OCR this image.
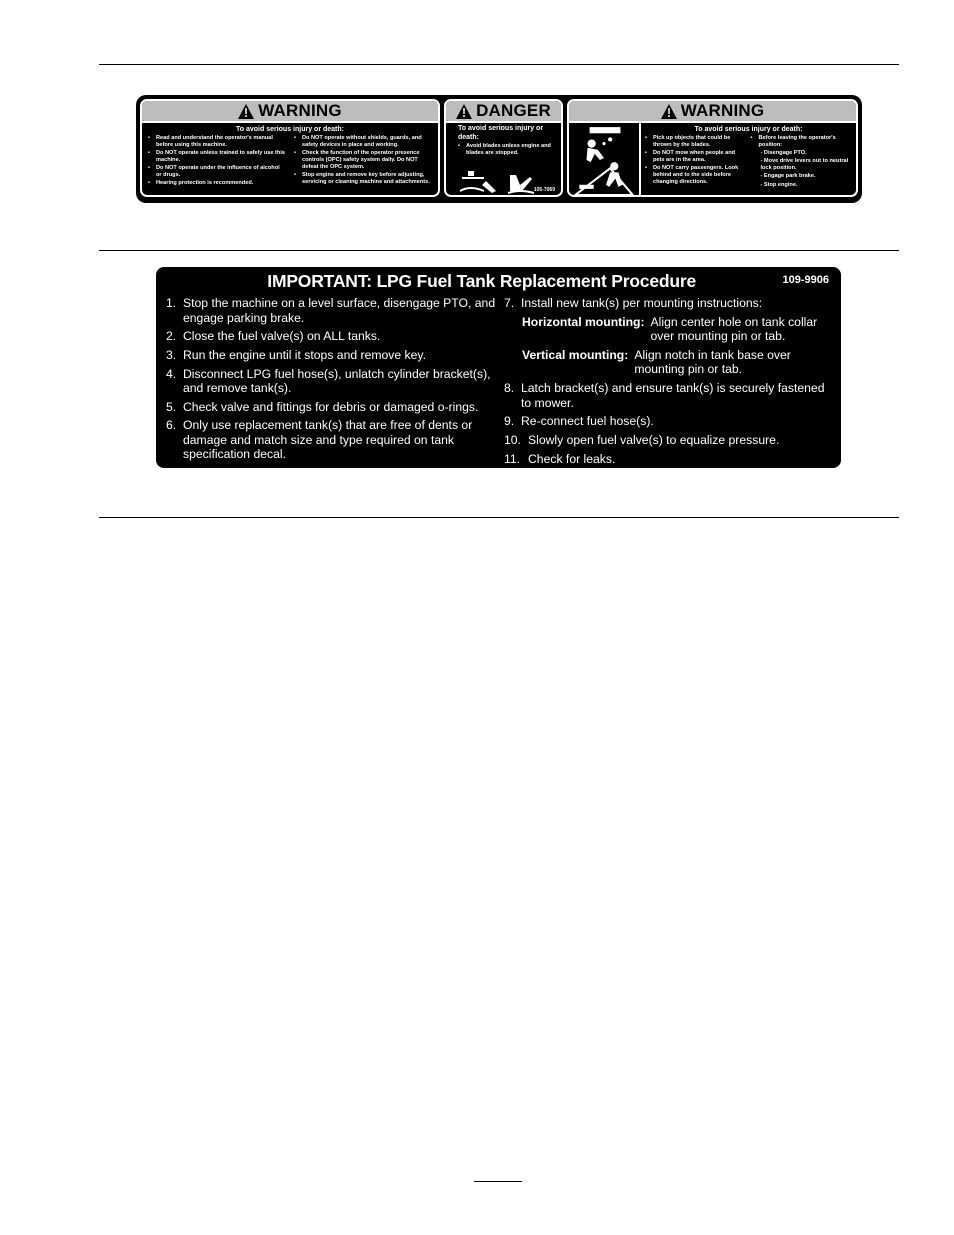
WARNING
To avoid serious injury or death:
• Read and understand the operator's manual before using this machine.
• Do NOT operate unless trained to safely use this machine.
• Do NOT operate under the influence of alcohol or drugs.
• Hearing protection is recommended.
• Do NOT operate without shields, guards, and safety devices in place and working.
• Check the function of the operator presence controls (OPC) safety system daily. Do NOT defeat the OPC system.
• Stop engine and remove key before adjusting, servicing or cleaning machine and attachments.
DANGER
To avoid serious injury or death:
• Avoid blades unless engine and blades are stopped.
105-7069
WARNING
To avoid serious injury or death:
• Pick up objects that could be thrown by the blades.
• Do NOT mow when people and pets are in the area.
• Do NOT carry passengers. Look behind and to the side before changing directions.
• Before leaving the operator's position:
- Disengage PTO.
- Move drive levers out to neutral lock position.
- Engage park brake.
- Stop engine.
IMPORTANT: LPG Fuel Tank Replacement Procedure	109-9906
1. Stop the machine on a level surface, disengage PTO, and engage parking brake.
2. Close the fuel valve(s) on ALL tanks.
3. Run the engine until it stops and remove key.
4. Disconnect LPG fuel hose(s), unlatch cylinder bracket(s), and remove tank(s).
5. Check valve and fittings for debris or damaged o-rings.
6. Only use replacement tank(s) that are free of dents or damage and match size and type required on tank specification decal.
7. Install new tank(s) per mounting instructions:
Horizontal mounting: Align center hole on tank collar over mounting pin or tab.
Vertical mounting: Align notch in tank base over mounting pin or tab.
8. Latch bracket(s) and ensure tank(s) is securely fastened to mower.
9. Re-connect fuel hose(s).
10. Slowly open fuel valve(s) to equalize pressure.
11. Check for leaks.
